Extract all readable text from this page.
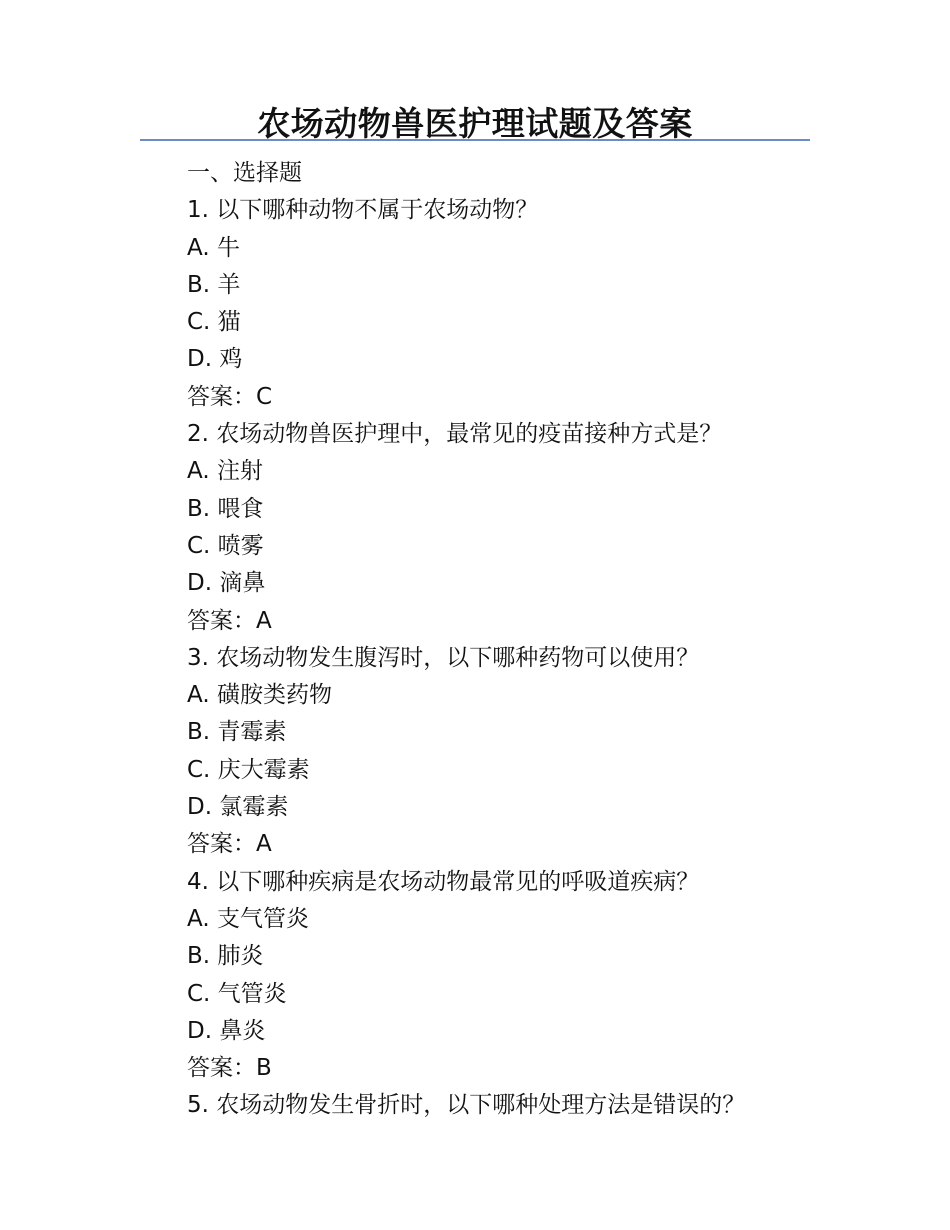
农场动物兽医护理试题及答案
一、选择题
1. 以下哪种动物不属于农场动物？
A. 牛
B. 羊
C. 猫
D. 鸡
答案：C
2. 农场动物兽医护理中，最常见的疫苗接种方式是？
A. 注射
B. 喂食
C. 喷雾
D. 滴鼻
答案：A
3. 农场动物发生腹泻时，以下哪种药物可以使用？
A. 磺胺类药物
B. 青霉素
C. 庆大霉素
D. 氯霉素
答案：A
4. 以下哪种疾病是农场动物最常见的呼吸道疾病？
A. 支气管炎
B. 肺炎
C. 气管炎
D. 鼻炎
答案：B
5. 农场动物发生骨折时，以下哪种处理方法是错误的？
